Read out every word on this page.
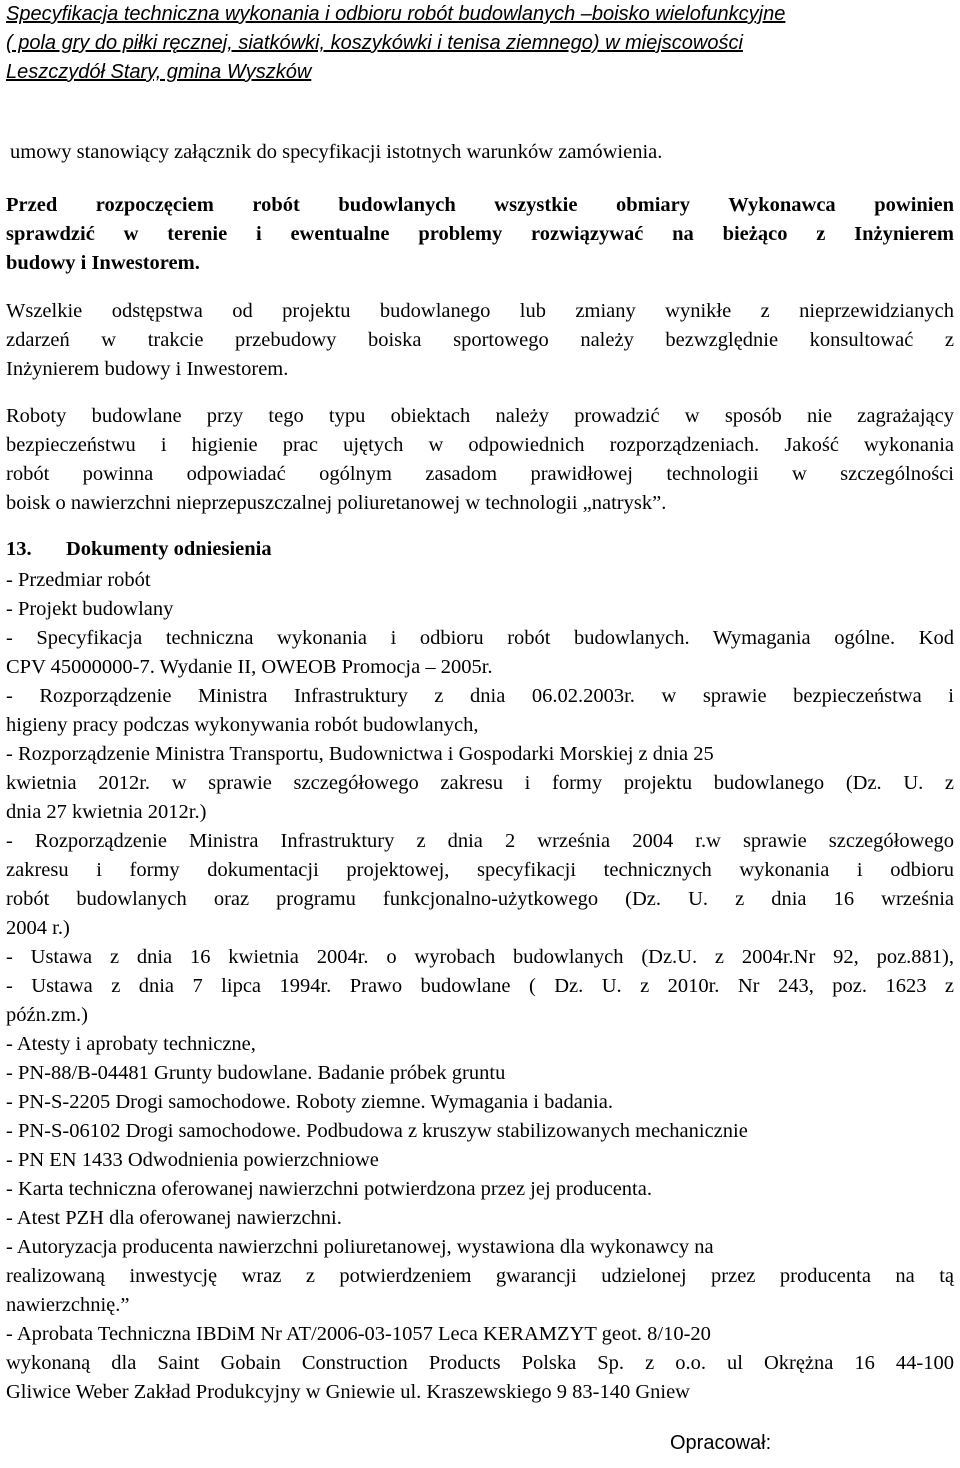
Specyfikacja techniczna wykonania i odbioru robót budowlanych –boisko wielofunkcyjne
( pola gry do piłki ręcznej, siatkówki, koszykówki i tenisa ziemnego) w miejscowości
Leszczydół Stary, gmina Wyszków
umowy stanowiący załącznik do specyfikacji istotnych warunków zamówienia.
Przed rozpoczęciem robót budowlanych wszystkie obmiary Wykonawca powinien
sprawdzić w terenie i ewentualne problemy rozwiązywać na bieżąco z Inżynierem
budowy i Inwestorem.
Wszelkie odstępstwa od projektu budowlanego lub zmiany wynikłe z nieprzewidzianych
zdarzeń w trakcie przebudowy boiska sportowego należy bezwzględnie konsultować z
Inżynierem budowy i Inwestorem.
Roboty budowlane przy tego typu obiektach należy prowadzić w sposób nie zagrażający
bezpieczeństwu i higienie prac ujętych w odpowiednich rozporządzeniach. Jakość wykonania
robót powinna odpowiadać ogólnym zasadom prawidłowej technologii w szczególności
boisk o nawierzchni nieprzepuszczalnej poliuretanowej w technologii „natrysk”.
13. Dokumenty odniesienia
- Przedmiar robót
- Projekt budowlany
- Specyfikacja techniczna wykonania i odbioru robót budowlanych. Wymagania ogólne. Kod
CPV 45000000-7. Wydanie II, OWEOB Promocja – 2005r.
- Rozporządzenie Ministra Infrastruktury z dnia 06.02.2003r. w sprawie bezpieczeństwa i
higieny pracy podczas wykonywania robót budowlanych,
- Rozporządzenie Ministra Transportu, Budownictwa i Gospodarki Morskiej z dnia 25
kwietnia 2012r. w sprawie szczegółowego zakresu i formy projektu budowlanego (Dz. U. z
dnia 27 kwietnia 2012r.)
- Rozporządzenie Ministra Infrastruktury z dnia 2 września 2004 r.w sprawie szczegółowego
zakresu i formy dokumentacji projektowej, specyfikacji technicznych wykonania i odbioru
robót budowlanych oraz programu funkcjonalno-użytkowego (Dz. U. z dnia 16 września
2004 r.)
- Ustawa z dnia 16 kwietnia 2004r. o wyrobach budowlanych (Dz.U. z 2004r.Nr 92, poz.881),
- Ustawa z dnia 7 lipca 1994r. Prawo budowlane ( Dz. U. z 2010r. Nr 243, poz. 1623 z
późn.zm.)
- Atesty i aprobaty techniczne,
- PN-88/B-04481 Grunty budowlane. Badanie próbek gruntu
- PN-S-2205 Drogi samochodowe. Roboty ziemne. Wymagania i badania.
- PN-S-06102 Drogi samochodowe. Podbudowa z kruszyw stabilizowanych mechanicznie
- PN EN 1433 Odwodnienia powierzchniowe
- Karta techniczna oferowanej nawierzchni potwierdzona przez jej producenta.
- Atest PZH dla oferowanej nawierzchni.
- Autoryzacja producenta nawierzchni poliuretanowej, wystawiona dla wykonawcy na
realizowaną inwestycję wraz z potwierdzeniem gwarancji udzielonej przez producenta na tą
nawierzchnię.”
- Aprobata Techniczna IBDiM Nr AT/2006-03-1057 Leca KERAMZYT geot. 8/10-20
wykonaną dla Saint Gobain Construction Products Polska Sp. z o.o. ul Okrężna 16 44-100
Gliwice Weber Zakład Produkcyjny w Gniewie ul. Kraszewskiego 9 83-140 Gniew
Opracował:
